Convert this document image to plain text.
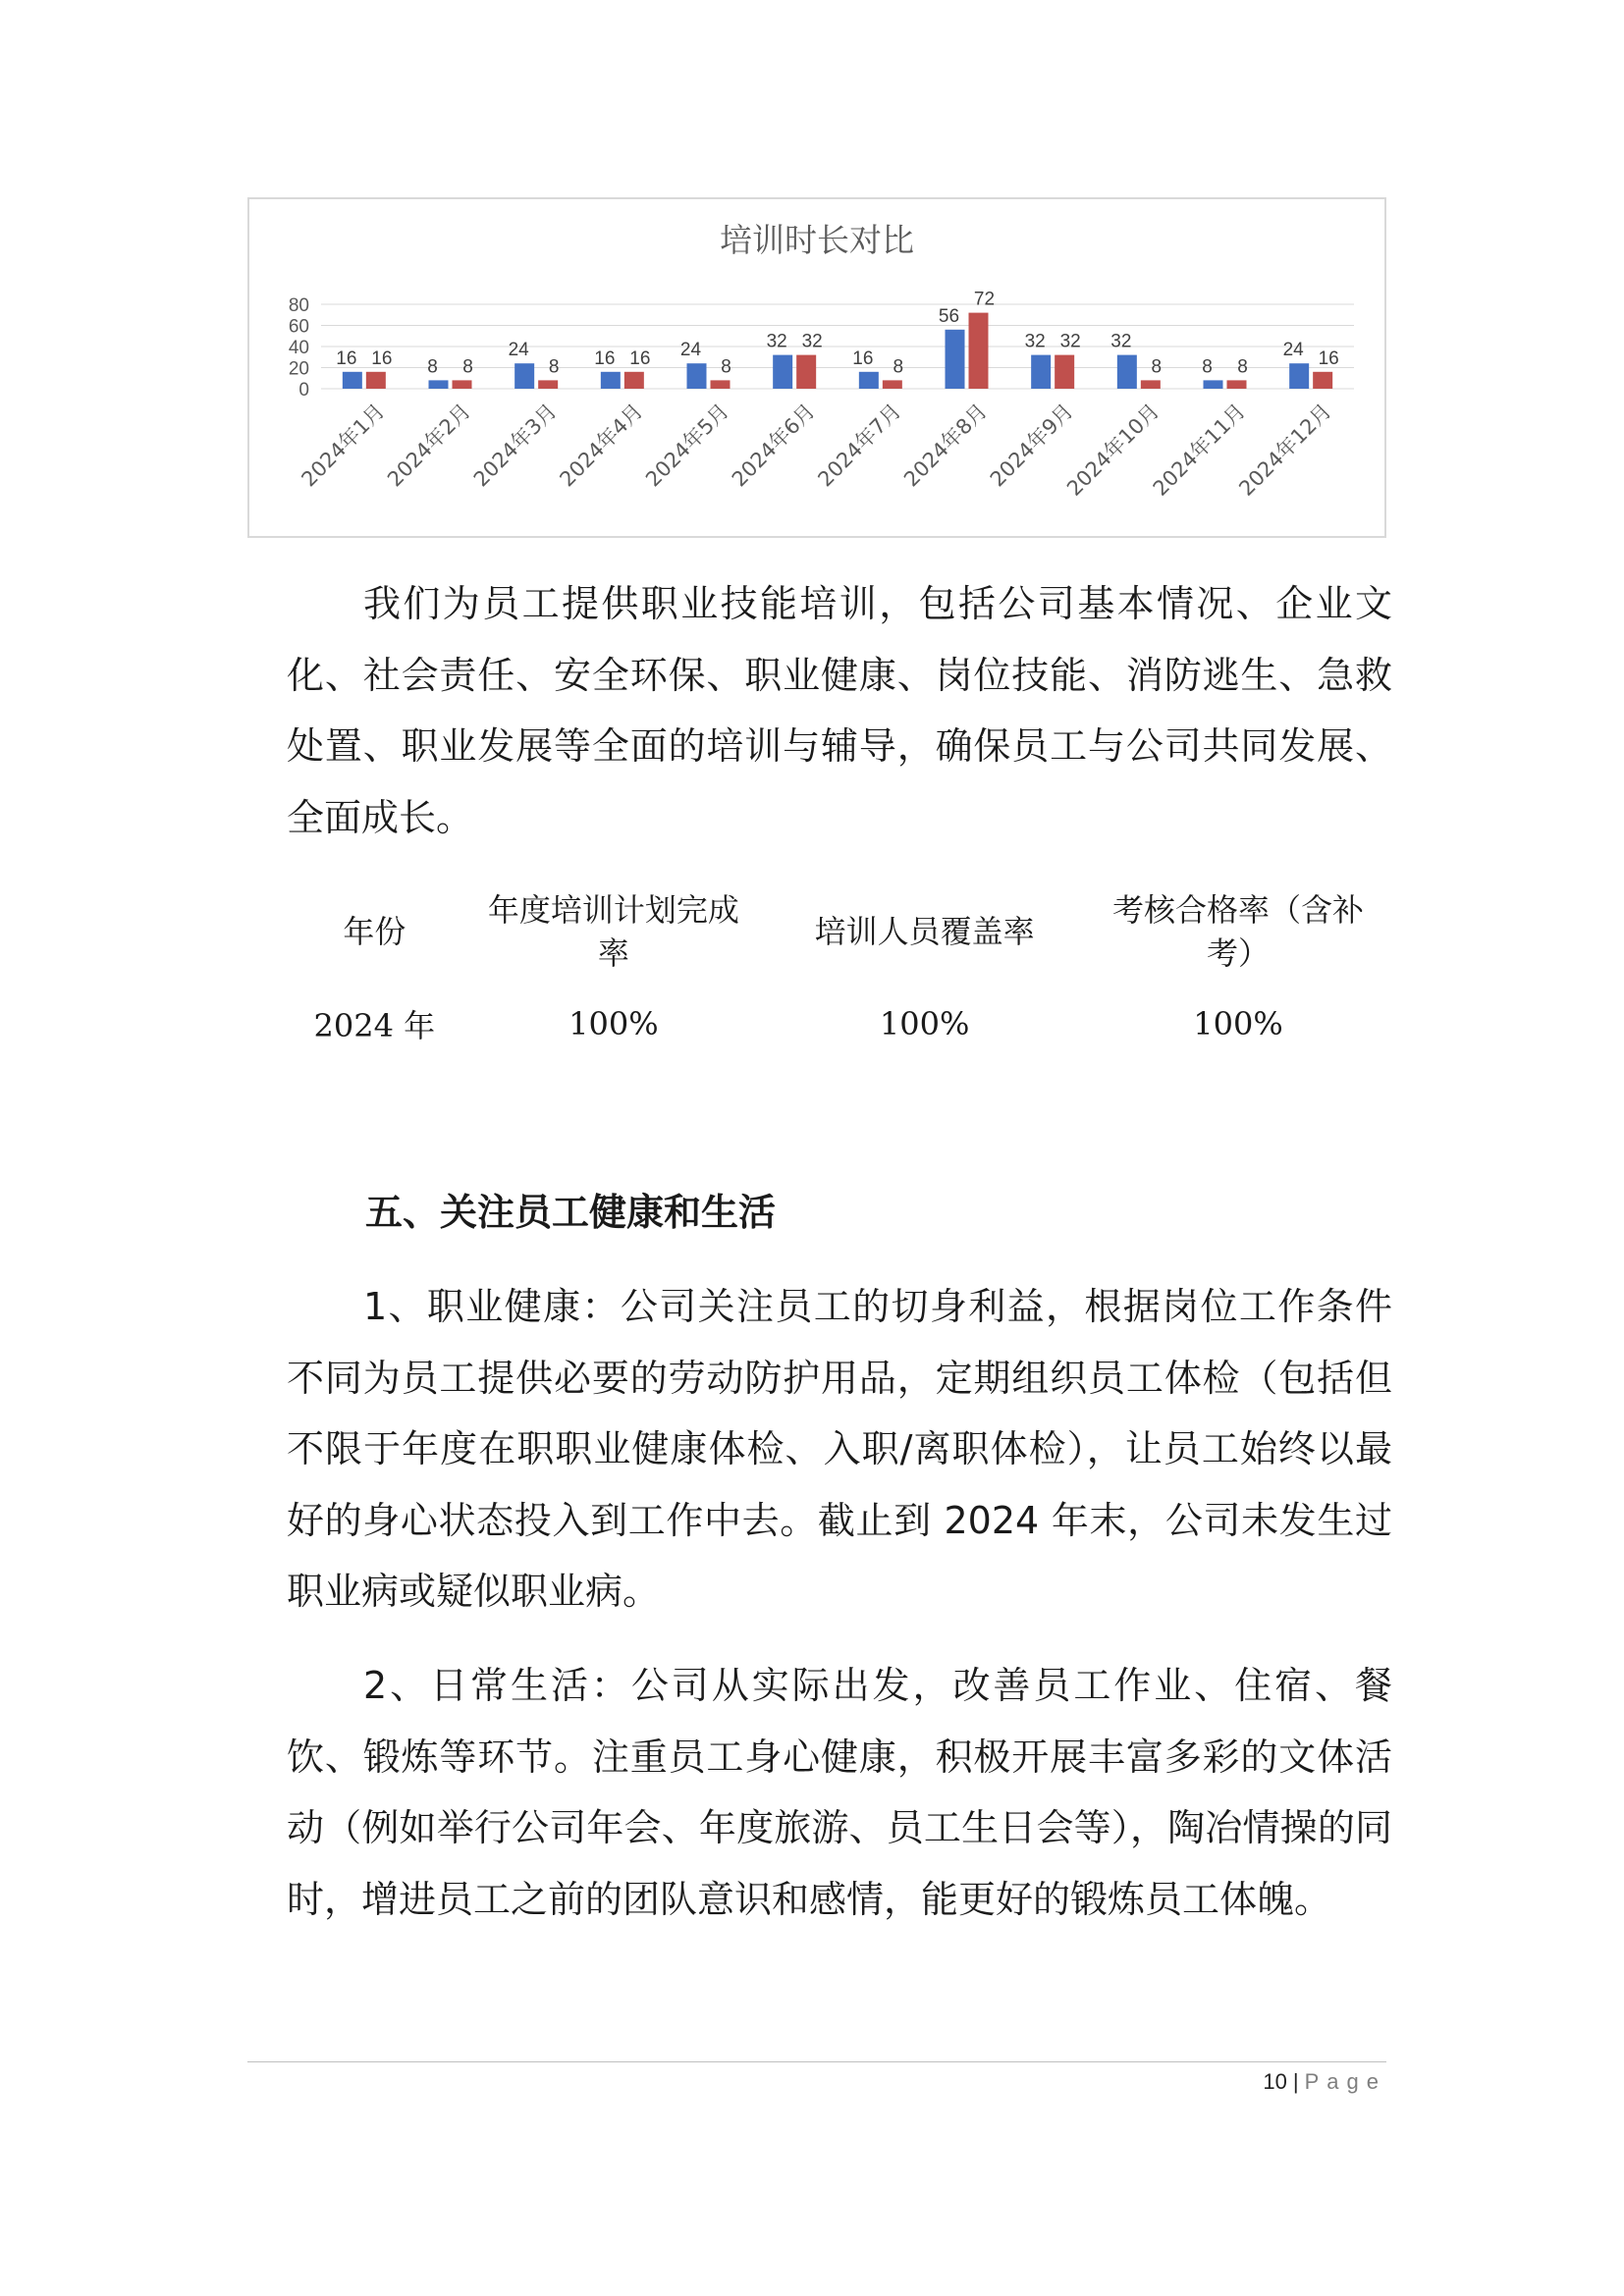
培训时长对比
0
20
40
60
80
16 16
2024年1月
8 8
2024年2月
24
8
2024年3月
16 16
2024年4月
24
8
2024年5月
32 32
2024年6月
16 8
2024年7月
56
72
2024年8月
32 32
2024年9月
32
8
2024年10月
8 8
2024年11月
24 16
2024年12月

我们为员工提供职业技能培训，包括公司基本情况、企业文化、社会责任、安全环保、职业健康、岗位技能、消防逃生、急救处置、职业发展等全面的培训与辅导，确保员工与公司共同发展、全面成长。

年份	年度培训计划完成率	培训人员覆盖率	考核合格率（含补考）
2024 年	100%	100%	100%
五、关注员工健康和生活

1、职业健康：公司关注员工的切身利益，根据岗位工作条件不同为员工提供必要的劳动防护用品，定期组织员工体检（包括但不限于年度在职职业健康体检、入职/离职体检），让员工始终以最好的身心状态投入到工作中去。截止到 2024 年末，公司未发生过职业病或疑似职业病。

2、日常生活：公司从实际出发，改善员工作业、住宿、餐饮、锻炼等环节。注重员工身心健康，积极开展丰富多彩的文体活动（例如举行公司年会、年度旅游、员工生日会等），陶冶情操的同时，增进员工之前的团队意识和感情，能更好的锻炼员工体魄。

10 | Page
